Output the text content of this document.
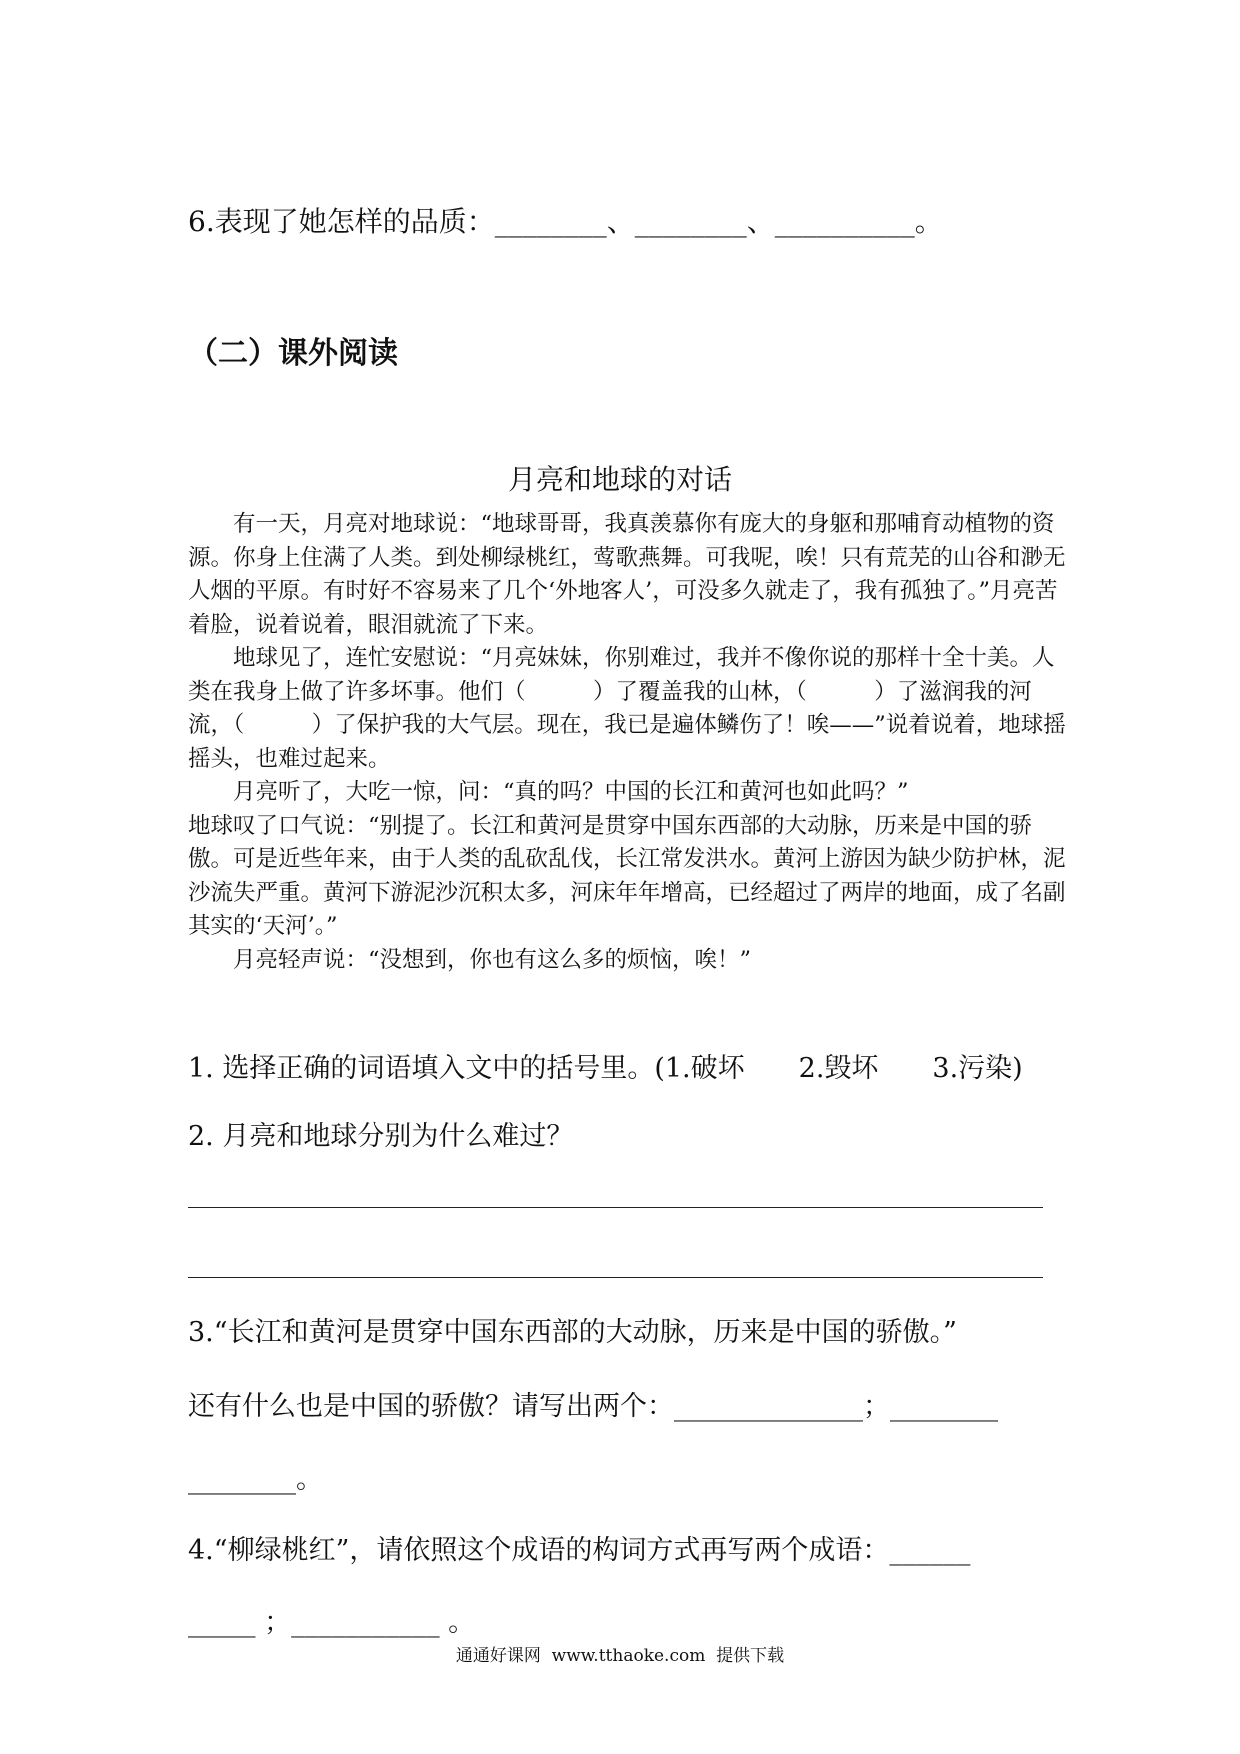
6.表现了她怎样的品质：________、________、__________。
（二）课外阅读
月亮和地球的对话

有一天，月亮对地球说：“地球哥哥，我真羡慕你有庞大的身躯和那哺育动植物的资源。你身上住满了人类。到处柳绿桃红，莺歌燕舞。可我呢，唉！只有荒芜的山谷和渺无人烟的平原。有时好不容易来了几个‘外地客人’，可没多久就走了，我有孤独了。”月亮苦着脸，说着说着，眼泪就流了下来。

地球见了，连忙安慰说：“月亮妹妹，你别难过，我并不像你说的那样十全十美。人类在我身上做了许多坏事。他们（　　　）了覆盖我的山林，（　　　）了滋润我的河流，（　　　）了保护我的大气层。现在，我已是遍体鳞伤了！唉——”说着说着，地球摇摇头，也难过起来。

月亮听了，大吃一惊，问：“真的吗？中国的长江和黄河也如此吗？”

地球叹了口气说：“别提了。长江和黄河是贯穿中国东西部的大动脉，历来是中国的骄傲。可是近些年来，由于人类的乱砍乱伐，长江常发洪水。黄河上游因为缺少防护林，泥沙流失严重。黄河下游泥沙沉积太多，河床年年增高，已经超过了两岸的地面，成了名副其实的‘天河’。”

月亮轻声说：“没想到，你也有这么多的烦恼，唉！”

1. 选择正确的词语填入文中的括号里。(1.破坏　　2.毁坏　　3.污染)
2. 月亮和地球分别为什么难过？
3.“长江和黄河是贯穿中国东西部的大动脉，历来是中国的骄傲。”
还有什么也是中国的骄傲？请写出两个：______________；________
________。
4.“柳绿桃红”，请依照这个成语的构词方式再写两个成语：______
_____ ；___________ 。
通通好课网  www.tthaoke.com  提供下载
